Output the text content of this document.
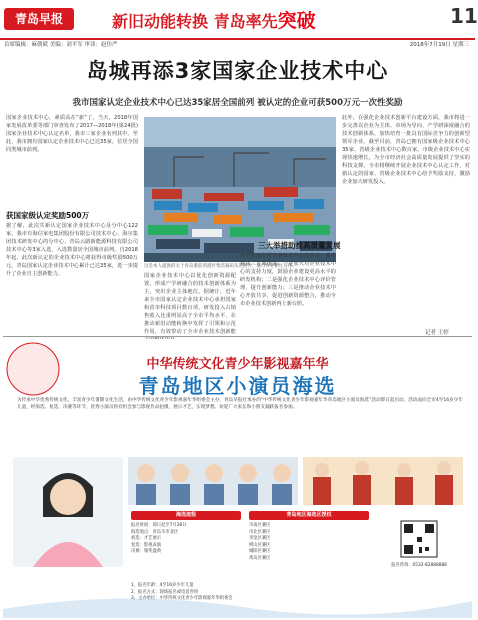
青岛早报	新旧动能转换 青岛率先突破	11
首席编辑：麻朝斌 美编：刘平军 审读：赵仿严	2018年7月19日 星期三
岛城再添3家国家企业技术中心
我市国家认定企业技术中心已达35家居全国前列 被认定的企业可获500万元一次性奖励
国家企业技术中心，素质高在“新”了。当天，2018年国家发展改革委等部门审查发布了2017—2018年(第24批)国家企业技术中心认定名单，我市三家企业名列其中。至此，我市拥有国家认定企业技术中心已达35家，位居全国同类城市前列。
获国家级认定奖励500万
据了解，此次共新认定国家企业技术中心及分中心122家，我市有海信家电集团股份有限公司技术中心、海尔集团技术研发中心的分中心、青岛云路新能源科技有限公司技术中心等3家入选，入选数量居全国城市前列。自2018年起，此次新认定的企业技术中心将获得市级奖励500万元，青岛国家认定企业技术中心累计已达35家，进一步提升了企业自主创新能力。
这是本人提供的关于青岛港前湾港区集装箱码头的照片，港口作业繁忙有序。
国家企业技术中心以优化创新资源配置，形成产学研融合的技术创新体系为主，突出企业主体地位。据统计，近年来全市国家认定企业技术中心承担国家和省市科技项目数百项，研发投入占销售收入比重明显高于全市平均水平，在推动新旧动能转换中发挥了引领和示范作用，有效带动了全市企业技术创新能
三大举措助推高质量发展
为更好地发挥企业技术中心的作用，我市将从三方面推进：一是加大对企业技术中心的支持力度，鼓励企业建设更高水平的研发机构；二是强化企业技术中心评价管理，提升创新能力；三是推动企业技术中心开放共享，促进创新资源整合，推动全市企业技术创新再上新台阶。
此外，在强化企业技术创新平台建设方面，我市将进一步完善以企业为主体、市场为导向、产学研深度融合的技术创新体系，加快培育一批具有国际竞争力的创新型领军企业。截至目前，青岛已拥有国家级企业技术中心35家、省级企业技术中心数百家，市级企业技术中心实现快速增长，为全市经济社会高质量发展提供了坚实的科技支撑。全市将继续开展企业技术中心认定工作，对新认定的国家、省级企业技术中心给予奖励支持，激励企业加大研发投入。
记者 王婷
中华传统文化青少年影视嘉年华
青岛地区小演员海选
为传承中华优秀传统文化，丰富青少年暑期文化生活，由中华传统文化青少年影视嘉年华组委会主办，青岛早报社承办的“中华传统文化青少年影视嘉年华青岛地区小演员海选”活动即日起启动。活动面向全市4至16岁少年儿童，经海选、复选、决赛等环节，优秀小演员将有机会参与影视作品拍摄，展示才艺，实现梦想。欢迎广大家长和小朋友踊跃报名参加。
海选流程
报名时间：即日起至7月28日
海选地点：青岛市市北区
初选：才艺展示
复选：影视表演
决赛：颁奖盛典
青岛地区海选区授权
市南区赛区
市北区赛区
李沧区赛区
崂山区赛区
城阳区赛区
黄岛区赛区
报名咨询：0532-82888888
1、报名年龄：4至16岁少年儿童
2、报名方式：现场报名或电话咨询
3、主办单位：中华传统文化青少年影视嘉年华组委会
